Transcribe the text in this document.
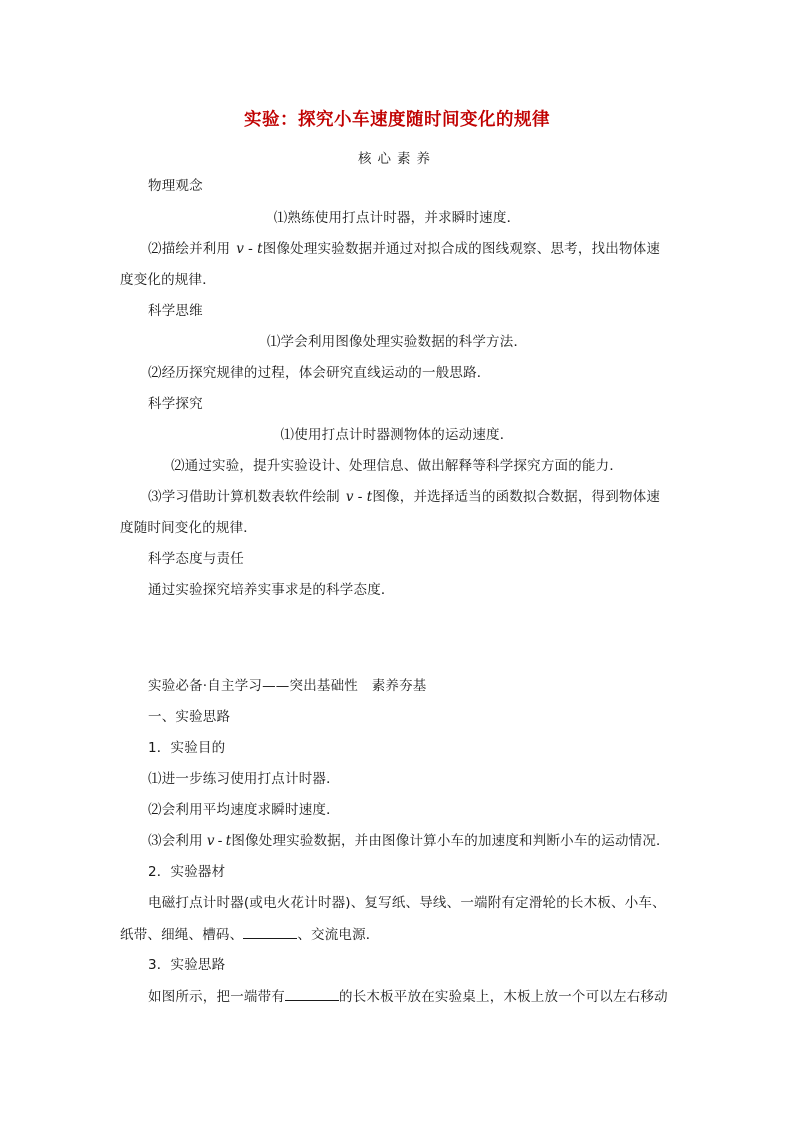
实验：探究小车速度随时间变化的规律
核心素养
物理观念
⑴熟练使用打点计时器，并求瞬时速度．
⑵描绘并利用 v - t图像处理实验数据并通过对拟合成的图线观察、思考，找出物体速
度变化的规律．
科学思维
⑴学会利用图像处理实验数据的科学方法．
⑵经历探究规律的过程，体会研究直线运动的一般思路．
科学探究
⑴使用打点计时器测物体的运动速度．
⑵通过实验，提升实验设计、处理信息、做出解释等科学探究方面的能力．
⑶学习借助计算机数表软件绘制 v - t图像，并选择适当的函数拟合数据，得到物体速
度随时间变化的规律．
科学态度与责任
通过实验探究培养实事求是的科学态度．
实验必备·自主学习——突出基础性　素养夯基
一、实验思路
1．实验目的
⑴进一步练习使用打点计时器．
⑵会利用平均速度求瞬时速度．
⑶会利用 v - t图像处理实验数据，并由图像计算小车的加速度和判断小车的运动情况．
2．实验器材
电磁打点计时器(或电火花计时器)、复写纸、导线、一端附有定滑轮的长木板、小车、
纸带、细绳、槽码、	、交流电源．
3．实验思路
如图所示，把一端带有	的长木板平放在实验桌上，木板上放一个可以左右移动
